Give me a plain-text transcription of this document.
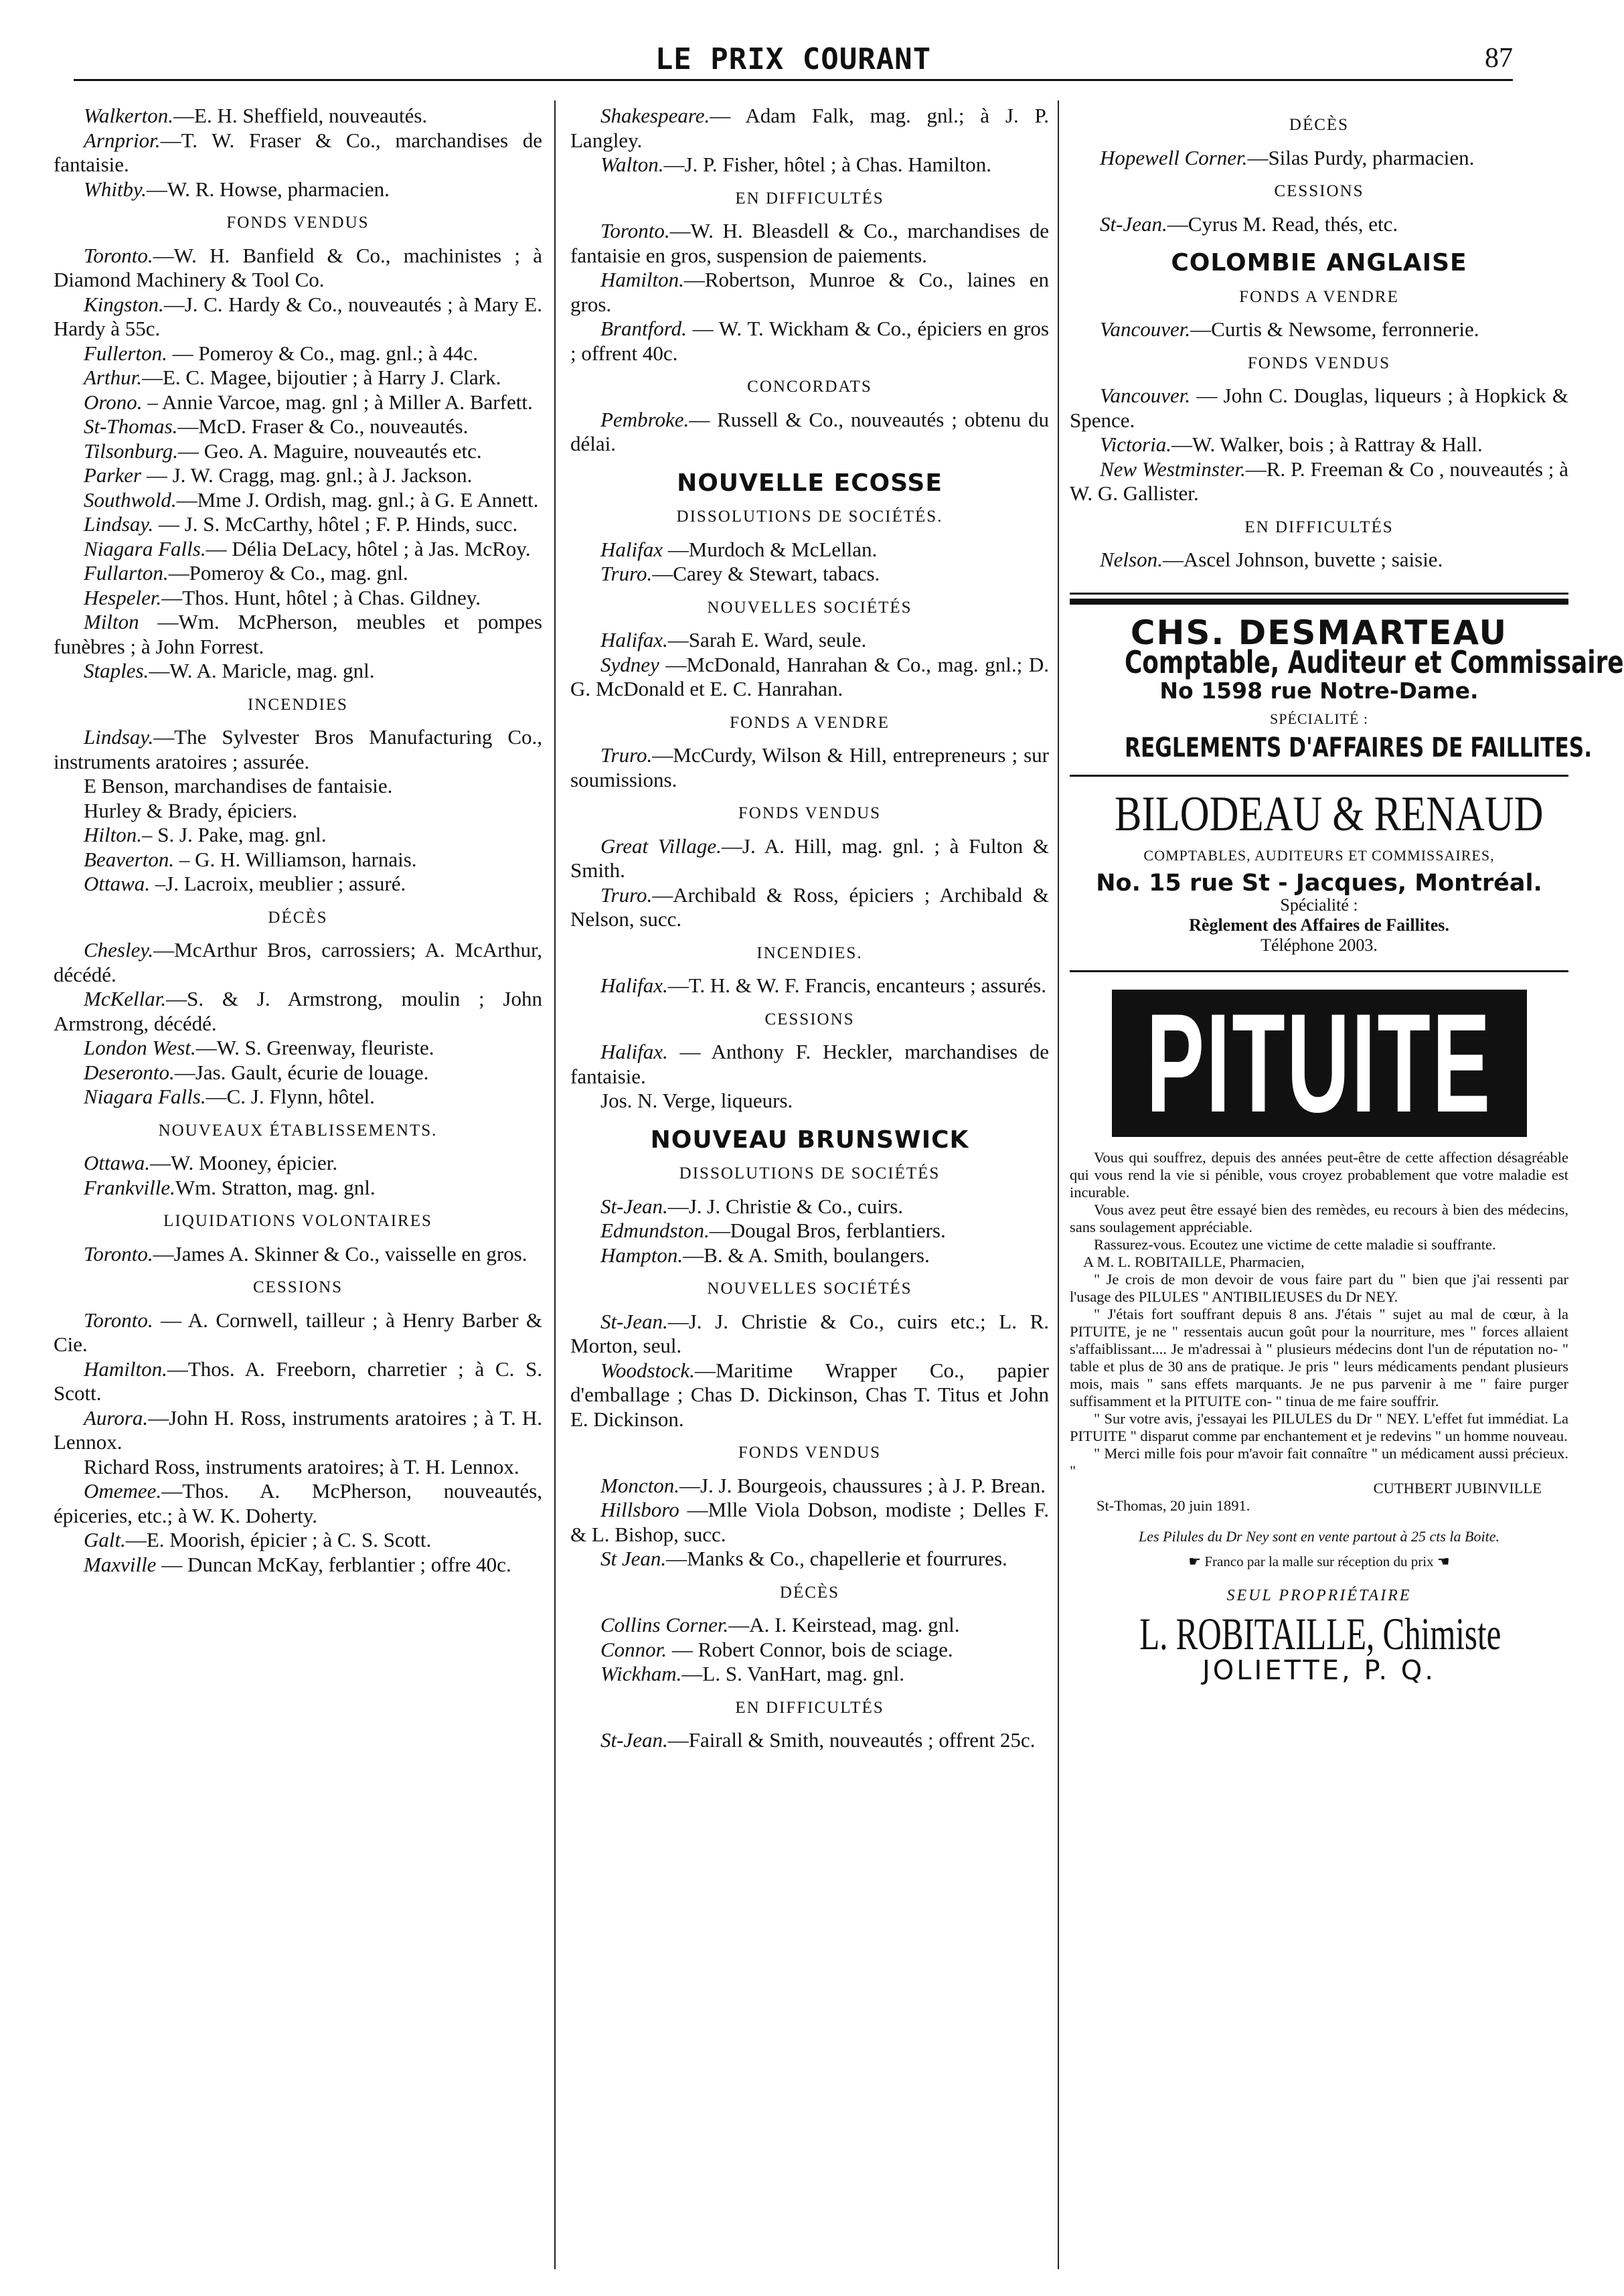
LE PRIX COURANT	87

Walkerton.—E. H. Sheffield, nouveautés.

Arnprior.—T. W. Fraser & Co., marchandises de fantaisie.

Whitby.—W. R. Howse, pharmacien.

FONDS VENDUS

Toronto.—W. H. Banfield & Co., machinistes ; à Diamond Machinery & Tool Co.

Kingston.—J. C. Hardy & Co., nouveautés ; à Mary E. Hardy à 55c.

Fullerton. — Pomeroy & Co., mag. gnl.; à 44c.

Arthur.—E. C. Magee, bijoutier ; à Harry J. Clark.

Orono. – Annie Varcoe, mag. gnl ; à Miller A. Barfett.

St-Thomas.—McD. Fraser & Co., nouveautés.

Tilsonburg.— Geo. A. Maguire, nouveautés etc.

Parker — J. W. Cragg, mag. gnl.; à J. Jackson.

Southwold.—Mme J. Ordish, mag. gnl.; à G. E Annett.

Lindsay. — J. S. McCarthy, hôtel ; F. P. Hinds, succ.

Niagara Falls.— Délia DeLacy, hôtel ; à Jas. McRoy.

Fullarton.—Pomeroy & Co., mag. gnl.

Hespeler.—Thos. Hunt, hôtel ; à Chas. Gildney.

Milton —Wm. McPherson, meubles et pompes funèbres ; à John Forrest.

Staples.—W. A. Maricle, mag. gnl.

INCENDIES

Lindsay.—The Sylvester Bros Manufacturing Co., instruments aratoires ; assurée.

E Benson, marchandises de fantaisie.

Hurley & Brady, épiciers.

Hilton.– S. J. Pake, mag. gnl.

Beaverton. – G. H. Williamson, harnais.

Ottawa. –J. Lacroix, meublier ; assuré.

DÉCÈS

Chesley.—McArthur Bros, carrossiers; A. McArthur, décédé.

McKellar.—S. & J. Armstrong, moulin ; John Armstrong, décédé.

London West.—W. S. Greenway, fleuriste.

Deseronto.—Jas. Gault, écurie de louage.

Niagara Falls.—C. J. Flynn, hôtel.

NOUVEAUX ÉTABLISSEMENTS.

Ottawa.—W. Mooney, épicier.

Frankville.Wm. Stratton, mag. gnl.

LIQUIDATIONS VOLONTAIRES

Toronto.—James A. Skinner & Co., vaisselle en gros.

CESSIONS

Toronto. — A. Cornwell, tailleur ; à Henry Barber & Cie.

Hamilton.—Thos. A. Freeborn, charretier ; à C. S. Scott.

Aurora.—John H. Ross, instruments aratoires ; à T. H. Lennox.

Richard Ross, instruments aratoires; à T. H. Lennox.

Omemee.—Thos. A. McPherson, nouveautés, épiceries, etc.; à W. K. Doherty.

Galt.—E. Moorish, épicier ; à C. S. Scott.

Maxville — Duncan McKay, ferblantier ; offre 40c.

Shakespeare.— Adam Falk, mag. gnl.; à J. P. Langley.

Walton.—J. P. Fisher, hôtel ; à Chas. Hamilton.

EN DIFFICULTÉS

Toronto.—W. H. Bleasdell & Co., marchandises de fantaisie en gros, suspension de paiements.

Hamilton.—Robertson, Munroe & Co., laines en gros.

Brantford. — W. T. Wickham & Co., épiciers en gros ; offrent 40c.

CONCORDATS

Pembroke.— Russell & Co., nouveautés ; obtenu du délai.

NOUVELLE ECOSSE
DISSOLUTIONS DE SOCIÉTÉS.

Halifax —Murdoch & McLellan.

Truro.—Carey & Stewart, tabacs.

NOUVELLES SOCIÉTÉS

Halifax.—Sarah E. Ward, seule.

Sydney —McDonald, Hanrahan & Co., mag. gnl.; D. G. McDonald et E. C. Hanrahan.

FONDS A VENDRE

Truro.—McCurdy, Wilson & Hill, entrepreneurs ; sur soumissions.

FONDS VENDUS

Great Village.—J. A. Hill, mag. gnl. ; à Fulton & Smith.

Truro.—Archibald & Ross, épiciers ; Archibald & Nelson, succ.

INCENDIES.

Halifax.—T. H. & W. F. Francis, encanteurs ; assurés.

CESSIONS

Halifax. — Anthony F. Heckler, marchandises de fantaisie.

Jos. N. Verge, liqueurs.

NOUVEAU BRUNSWICK
DISSOLUTIONS DE SOCIÉTÉS

St-Jean.—J. J. Christie & Co., cuirs.

Edmundston.—Dougal Bros, ferblantiers.

Hampton.—B. & A. Smith, boulangers.

NOUVELLES SOCIÉTÉS

St-Jean.—J. J. Christie & Co., cuirs etc.; L. R. Morton, seul.

Woodstock.—Maritime Wrapper Co., papier d'emballage ; Chas D. Dickinson, Chas T. Titus et John E. Dickinson.

FONDS VENDUS

Moncton.—J. J. Bourgeois, chaussures ; à J. P. Brean.

Hillsboro —Mlle Viola Dobson, modiste ; Delles F. & L. Bishop, succ.

St Jean.—Manks & Co., chapellerie et fourrures.

DÉCÈS

Collins Corner.—A. I. Keirstead, mag. gnl.

Connor. — Robert Connor, bois de sciage.

Wickham.—L. S. VanHart, mag. gnl.

EN DIFFICULTÉS

St-Jean.—Fairall & Smith, nouveautés ; offrent 25c.

DÉCÈS

Hopewell Corner.—Silas Purdy, pharmacien.

CESSIONS

St-Jean.—Cyrus M. Read, thés, etc.

COLOMBIE ANGLAISE
FONDS A VENDRE

Vancouver.—Curtis & Newsome, ferronnerie.

FONDS VENDUS

Vancouver. — John C. Douglas, liqueurs ; à Hopkick & Spence.

Victoria.—W. Walker, bois ; à Rattray & Hall.

New Westminster.—R. P. Freeman & Co , nouveautés ; à W. G. Gallister.

EN DIFFICULTÉS

Nelson.—Ascel Johnson, buvette ; saisie.

CHS. DESMARTEAU
Comptable, Auditeur et Commissaire
No 1598 rue Notre-Dame.
SPÉCIALITÉ :
REGLEMENTS D'AFFAIRES DE FAILLITES.
BILODEAU & RENAUD
COMPTABLES, AUDITEURS ET COMMISSAIRES,
No. 15 rue St - Jacques, Montréal.
Spécialité :
Règlement des Affaires de Faillites.
Téléphone 2003.
PITUITE

Vous qui souffrez, depuis des années peut-être de cette affection désagréable qui vous rend la vie si pénible, vous croyez probablement que votre maladie est incurable.

Vous avez peut être essayé bien des remèdes, eu recours à bien des médecins, sans soulagement appréciable.

Rassurez-vous. Ecoutez une victime de cette maladie si souffrante.

A M. L. ROBITAILLE, Pharmacien,

" Je crois de mon devoir de vous faire part du " bien que j'ai ressenti par l'usage des PILULES " ANTIBILIEUSES du Dr NEY.

" J'étais fort souffrant depuis 8 ans. J'étais " sujet au mal de cœur, à la PITUITE, je ne " ressentais aucun goût pour la nourriture, mes " forces allaient s'affaiblissant.... Je m'adressai à " plusieurs médecins dont l'un de réputation no- " table et plus de 30 ans de pratique. Je pris " leurs médicaments pendant plusieurs mois, mais " sans effets marquants. Je ne pus parvenir à me " faire purger suffisamment et la PITUITE con- " tinua de me faire souffrir.

" Sur votre avis, j'essayai les PILULES du Dr " NEY. L'effet fut immédiat. La PITUITE " disparut comme par enchantement et je redevins " un homme nouveau.

" Merci mille fois pour m'avoir fait connaître " un médicament aussi précieux. "

CUTHBERT JUBINVILLE

St-Thomas, 20 juin 1891.

Les Pilules du Dr Ney sont en vente partout à 25 cts la Boite.
☛ Franco par la malle sur réception du prix ☚
SEUL PROPRIÉTAIRE
L. ROBITAILLE, Chimiste
JOLIETTE, P. Q.
